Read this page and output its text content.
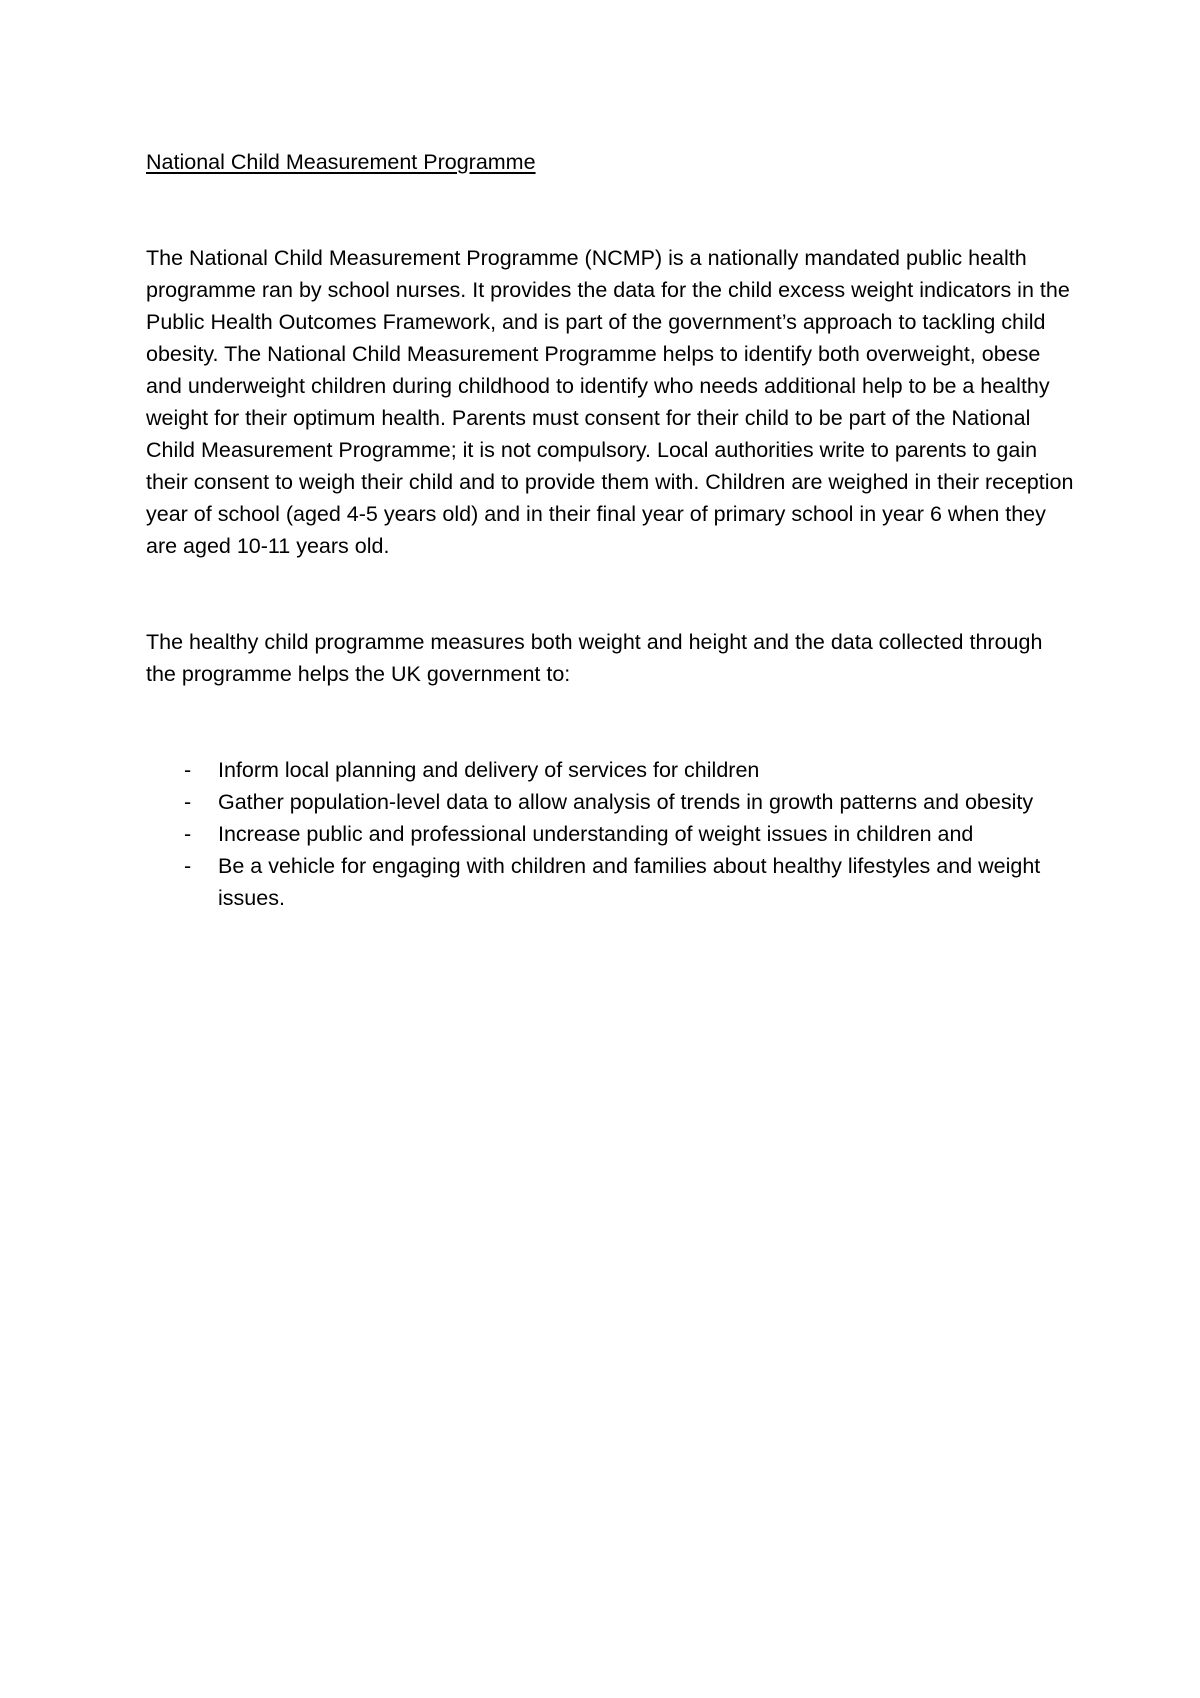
National Child Measurement Programme

The National Child Measurement Programme (NCMP) is a nationally mandated public health programme ran by school nurses. It provides the data for the child excess weight indicators in the Public Health Outcomes Framework, and is part of the government’s approach to tackling child obesity. The National Child Measurement Programme helps to identify both overweight, obese and underweight children during childhood to identify who needs additional help to be a healthy weight for their optimum health. Parents must consent for their child to be part of the National Child Measurement Programme; it is not compulsory. Local authorities write to parents to gain their consent to weigh their child and to provide them with. Children are weighed in their reception year of school (aged 4-5 years old) and in their final year of primary school in year 6 when they are aged 10-11 years old.

The healthy child programme measures both weight and height and the data collected through the programme helps the UK government to:

- Inform local planning and delivery of services for children
- Gather population-level data to allow analysis of trends in growth patterns and obesity
- Increase public and professional understanding of weight issues in children and
- Be a vehicle for engaging with children and families about healthy lifestyles and weight issues.
